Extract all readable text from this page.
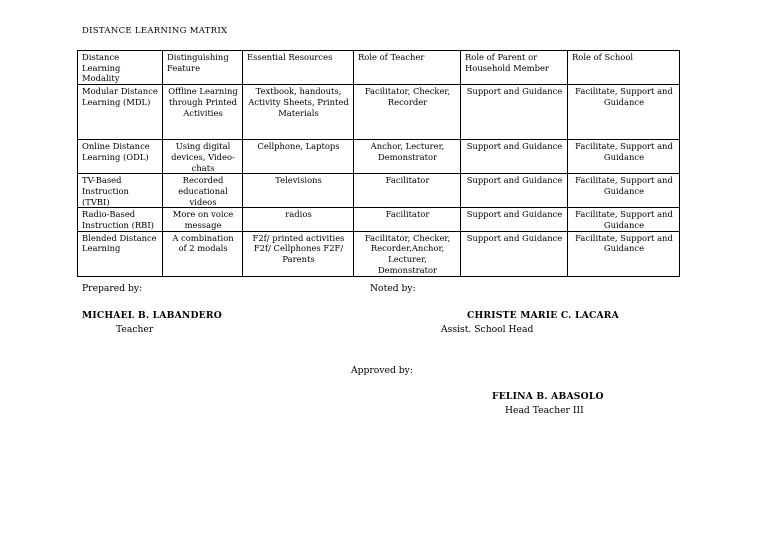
DISTANCE LEARNING MATRIX
Distance Learning Modality	Distinguishing Feature	Essential Resources	Role of Teacher	Role of Parent or Household Member	Role of School
Modular Distance Learning (MDL)	Offline Learning through Printed Activities	Textbook, handouts, Activity Sheets, Printed Materials	Facilitator, Checker, Recorder	Support and Guidance	Facilitate, Support and Guidance
Online Distance Learning (ODL)	Using digital devices, Video-chats	Cellphone, Laptops	Anchor, Lecturer, Demonstrator	Support and Guidance	Facilitate, Support and Guidance
TV-Based Instruction (TVBI)	Recorded educational videos	Televisions	Facilitator	Support and Guidance	Facilitate, Support and Guidance
Radio-Based Instruction (RBI)	More on voice message	radios	Facilitator	Support and Guidance	Facilitate, Support and Guidance
Blended Distance Learning	A combination of 2 modals	F2f/ printed activities F2f/ Cellphones F2F/ Parents	Facilitator, Checker, Recorder,Anchor, Lecturer, Demonstrator	Support and Guidance	Facilitate, Support and Guidance
Prepared by:	Noted by:
MICHAEL B. LABANDERO
Teacher
CHRISTE MARIE C. LACARA
Assist. School Head
Approved by:
FELINA B. ABASOLO
Head Teacher III
